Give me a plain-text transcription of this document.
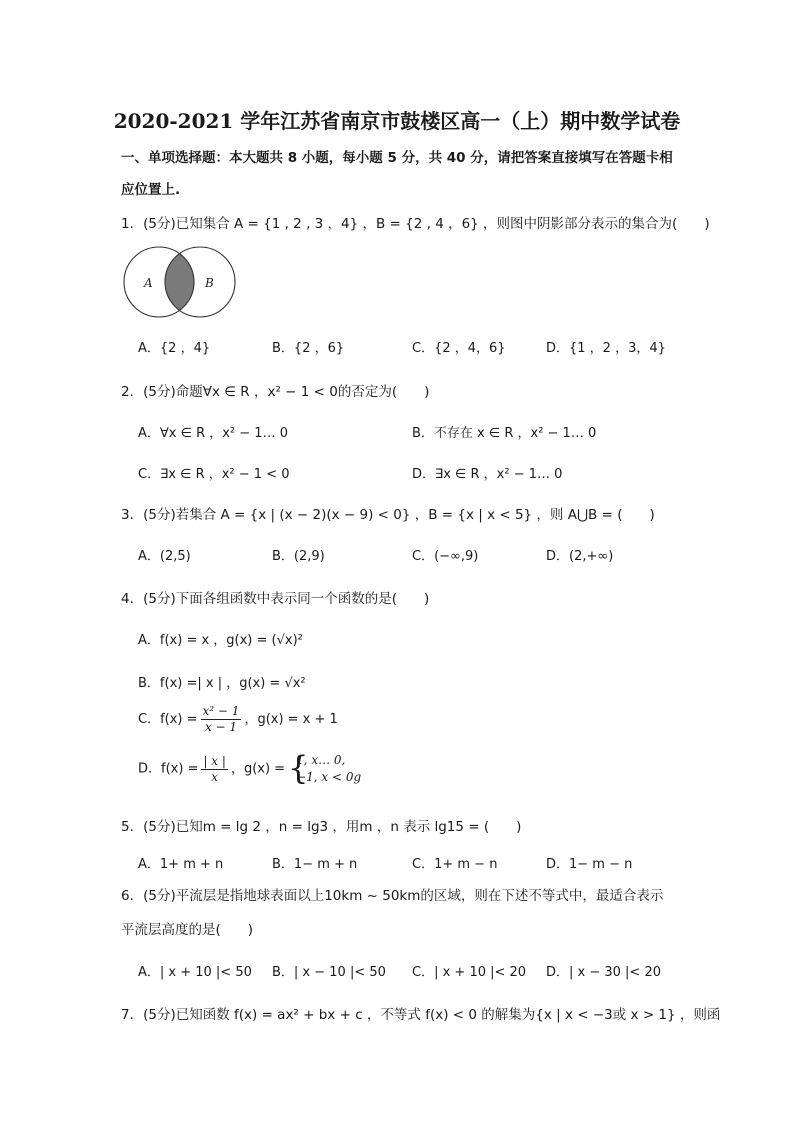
2020-2021 学年江苏省南京市鼓楼区高一（上）期中数学试卷
一、单项选择题：本大题共 8 小题，每小题 5 分，共 40 分，请把答案直接填写在答题卡相
应位置上.
1．(5分)已知集合 A = {1 , 2 , 3 ，4} ，B = {2 , 4 ，6} ，则图中阴影部分表示的集合为(　　)
A	B
A．{2 ，4}	B．{2 ，6}	C．{2 ，4，6}	D．{1 ，2 ，3，4}
2．(5分)命题∀x ∈ R ，x² − 1 < 0的否定为(　　)
A．∀x ∈ R ，x² − 1… 0	B．不存在 x ∈ R ，x² − 1… 0
C．∃x ∈ R ，x² − 1 < 0	D．∃x ∈ R ，x² − 1… 0
3．(5分)若集合 A = {x | (x − 2)(x − 9) < 0} ，B = {x | x < 5} ，则 A⋃B = (　　)
A．(2,5)	B．(2,9)	C．(−∞,9)	D．(2,+∞)
4．(5分)下面各组函数中表示同一个函数的是(　　)
A．f(x) = x ，g(x) = (√x)²
B．f(x) =| x | ，g(x) = √x²
C．$f(x) = \frac{\text{x² − 1}}{x - 1}$ ，g(x) = x + 1
D．$f(x) = \frac{| x |}{x}$ ，g(x) = {
1, x… 0,
−1, x < 0g
5．(5分)已知m = lg 2 ，n = lg3 ，用m ，n 表示 lg15 = (　　)
A．1+ m + n	B．1− m + n	C．1+ m − n	D．1− m − n
6．(5分)平流层是指地球表面以上10km ~ 50km的区域，则在下述不等式中，最适合表示
平流层高度的是(　　)
A．| x + 10 |< 50 B．| x − 10 |< 50 C．| x + 10 |< 20 D．| x − 30 |< 20
7．(5分)已知函数 f(x) = ax² + bx + c ，不等式 f(x) < 0 的解集为{x | x < −3或 x > 1} ，则函
